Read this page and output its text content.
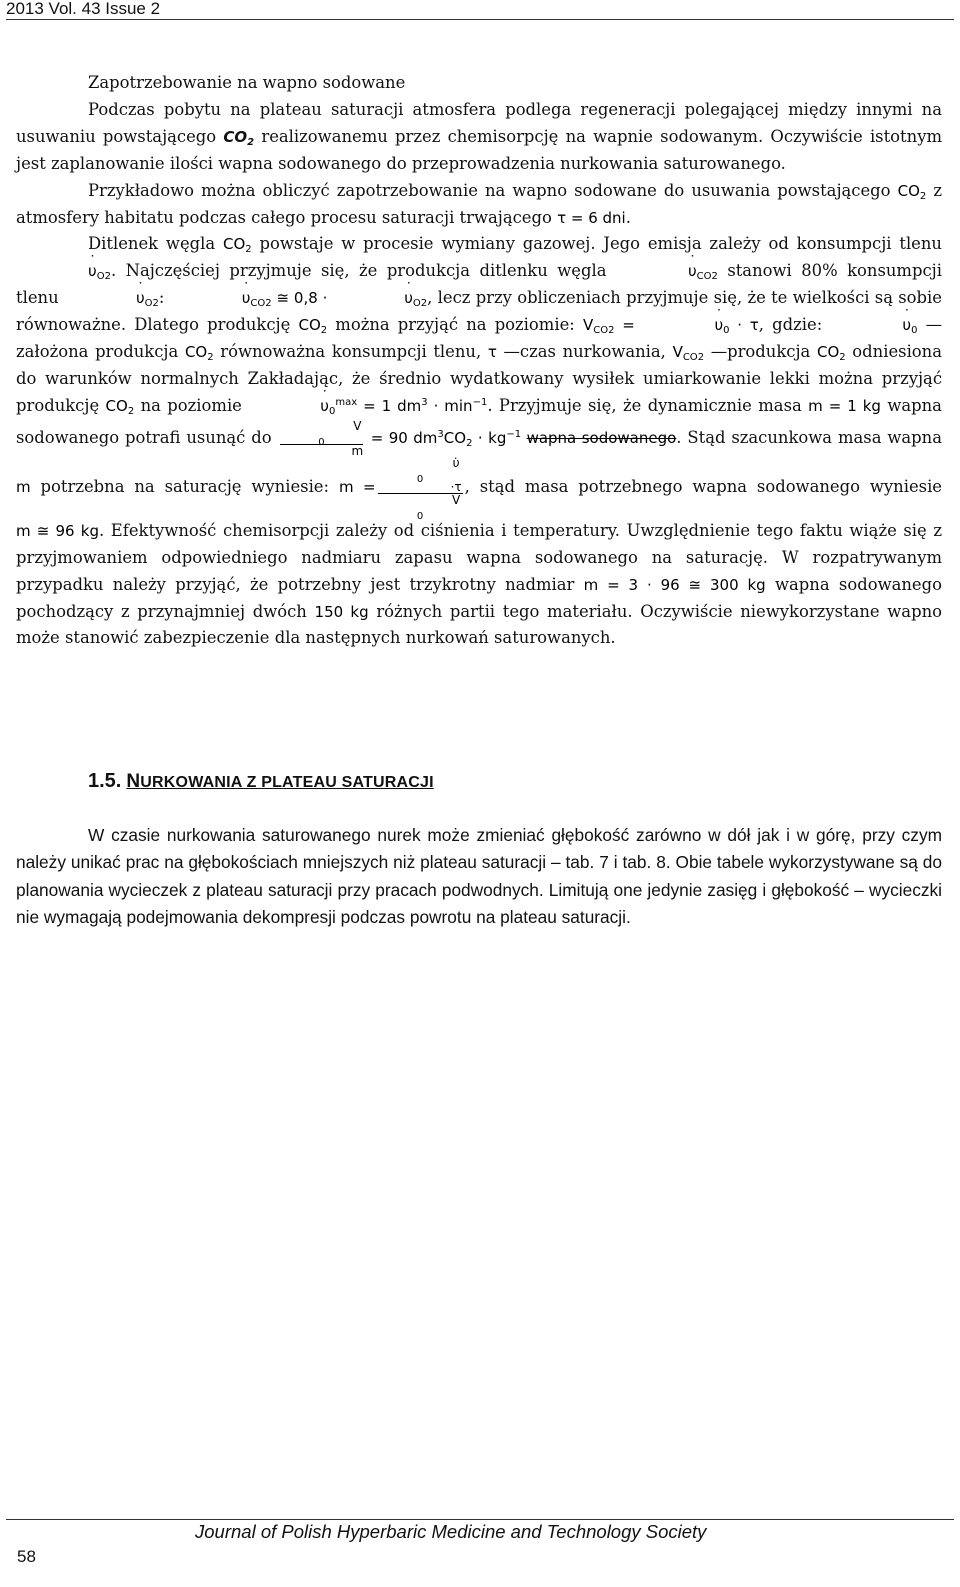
2013 Vol. 43 Issue 2

Zapotrzebowanie na wapno sodowane

Podczas pobytu na plateau saturacji atmosfera podlega regeneracji polegającej między innymi na usuwaniu powstającego $CO_2$ realizowanemu przez chemisorpcję na wapnie sodowanym. Oczywiście istotnym jest zaplanowanie ilości wapna sodowanego do przeprowadzenia nurkowania saturowanego.

Przykładowo można obliczyć zapotrzebowanie na wapno sodowane do usuwania powstającego $CO_2$ z atmosfery habitatu podczas całego procesu saturacji trwającego τ = 6 dni.

Ditlenek węgla $CO_2$ powstaje w procesie wymiany gazowej. Jego emisja zależy od konsumpcji tlenu υ $˙_{O2}$. Najczęściej przyjmuje się, że produkcja ditlenku węgla	υ $˙_{CO2}$ stanowi 80% konsumpcji tlenu	υ $˙_{O2}$:	υ $˙_{CO2}$ ≅ 0,8 ·	υ $˙_{O2}$, lecz przy obliczeniach przyjmuje się, że te wielkości są sobie równoważne. Dlatego produkcję $CO_2$ można przyjąć na poziomie: $V_{CO2}$ =	υ $˙_0 \cdot \tau$, gdzie:	υ $˙_0$ —założona produkcja $CO_2$ równoważna konsumpcji tlenu, τ —czas nurkowania, $V_{CO2}$ —produkcja $CO_2$ odniesiona do warunków normalnych Zakładając, że średnio wydatkowany wysiłek umiarkowanie lekki można przyjąć produkcję $CO_2$ na poziomie	υ $˙_0^{max} = 1$ $dm^3 \cdot \min^{-1}$. Przyjmuje się, że dynamicznie masa m = 1 kg wapna sodowanego potrafi usunąć do V
$_0$
m = 90 $dm^3CO_2 \cdot kg^{-1}$ wapna sodowanego. Stąd szacunkowa masa wapna m potrzebna na saturację wyniesie: m = υ̇
$_0$
·τ
V
$_0$ , stąd masa potrzebnego wapna sodowanego wyniesie m ≅ 96 kg. Efektywność chemisorpcji zależy od ciśnienia i temperatury. Uwzględnienie tego faktu wiąże się z przyjmowaniem odpowiedniego nadmiaru zapasu wapna sodowanego na saturację. W rozpatrywanym przypadku należy przyjąć, że potrzebny jest trzykrotny nadmiar m = 3 · 96 ≅ 300 kg wapna sodowanego pochodzący z przynajmniej dwóch 150 kg różnych partii tego materiału. Oczywiście niewykorzystane wapno może stanowić zabezpieczenie dla następnych nurkowań saturowanych.

1.5. NURKOWANIA Z PLATEAU SATURACJI

W czasie nurkowania saturowanego nurek może zmieniać głębokość zarówno w dół jak i w górę, przy czym należy unikać prac na głębokościach mniejszych niż plateau saturacji – tab. 7 i tab. 8. Obie tabele wykorzystywane są do planowania wycieczek z plateau saturacji przy pracach podwodnych. Limitują one jedynie zasięg i głębokość – wycieczki nie wymagają podejmowania dekompresji podczas powrotu na plateau saturacji.

Journal of Polish Hyperbaric Medicine and Technology Society
58
